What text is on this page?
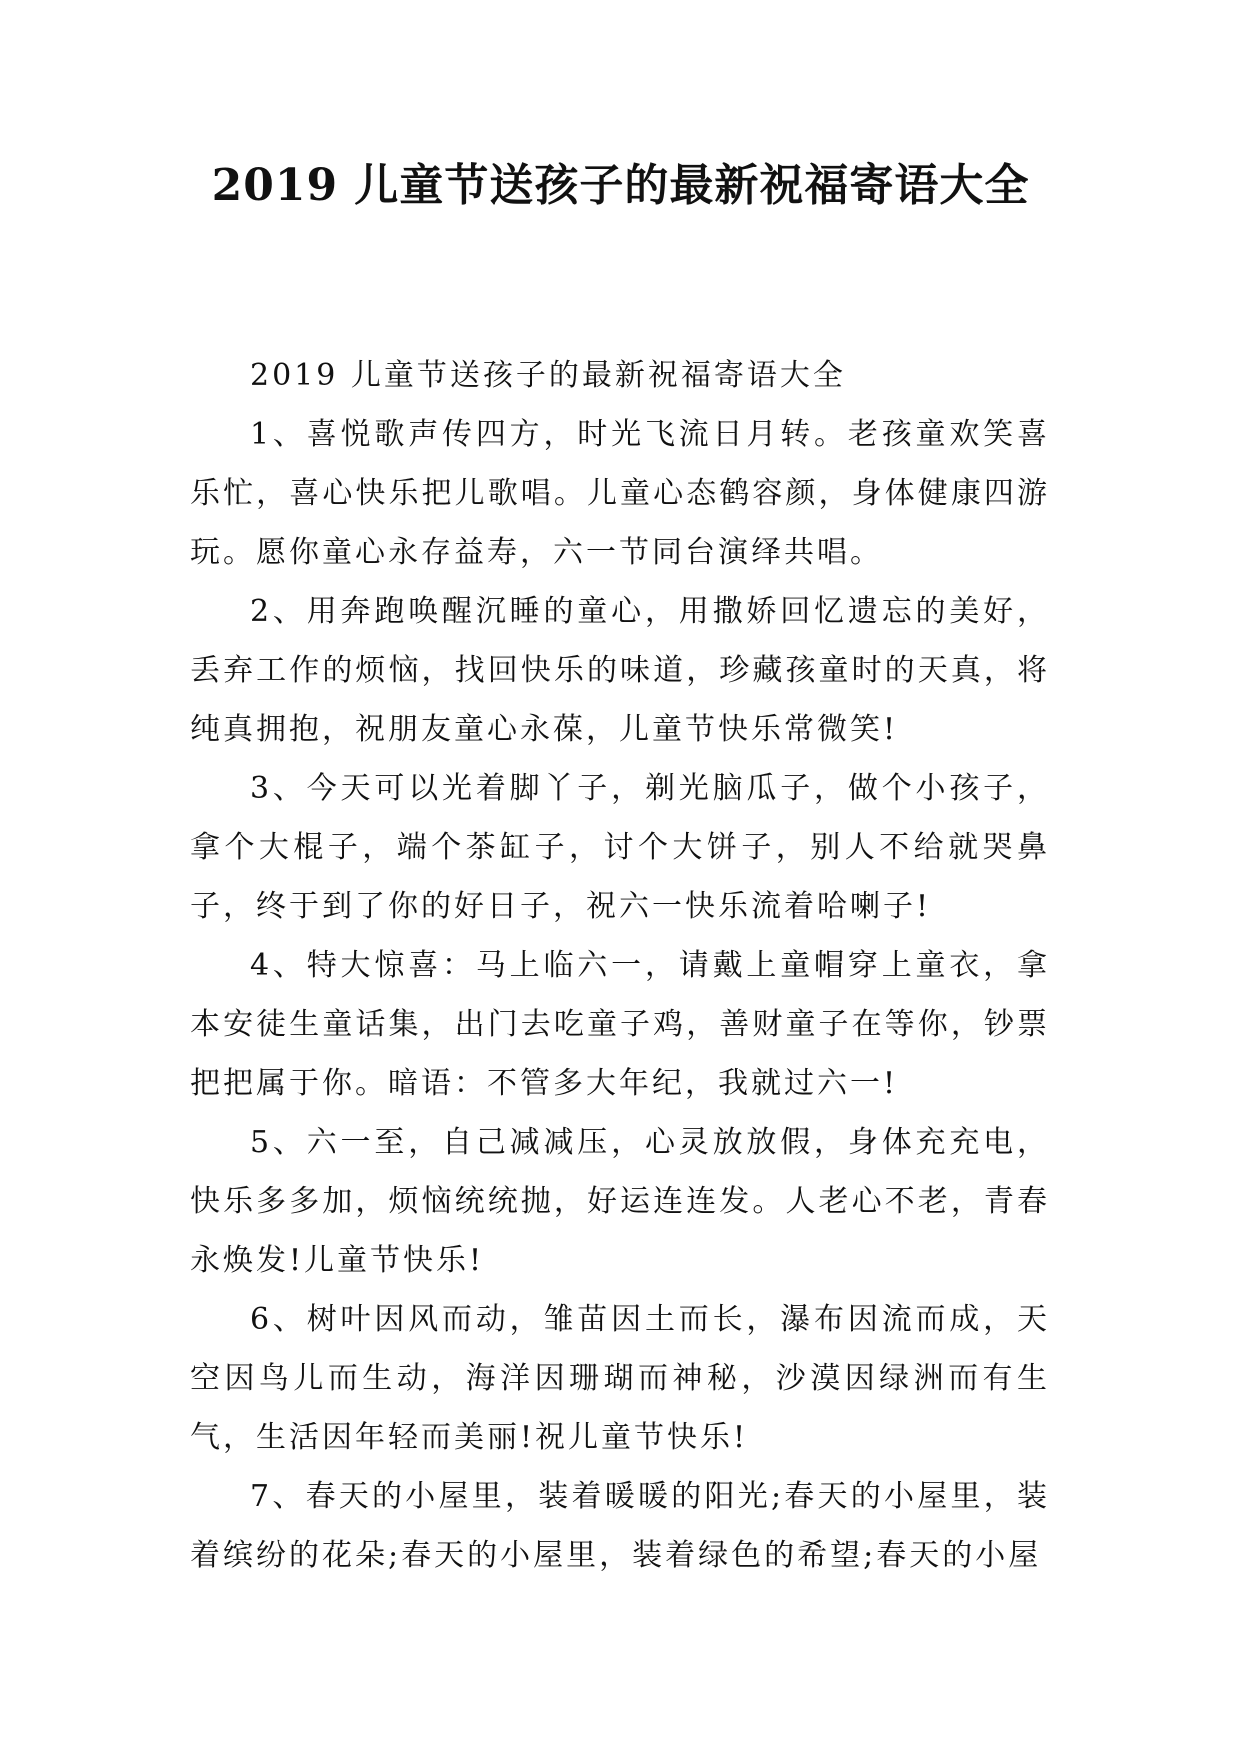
2019 儿童节送孩子的最新祝福寄语大全

2019 儿童节送孩子的最新祝福寄语大全

1、喜悦歌声传四方，时光飞流日月转。老孩童欢笑喜乐忙，喜心快乐把儿歌唱。儿童心态鹤容颜，身体健康四游玩。愿你童心永存益寿，六一节同台演绎共唱。

2、用奔跑唤醒沉睡的童心，用撒娇回忆遗忘的美好，丢弃工作的烦恼，找回快乐的味道，珍藏孩童时的天真，将纯真拥抱，祝朋友童心永葆，儿童节快乐常微笑!

3、今天可以光着脚丫子，剃光脑瓜子，做个小孩子，拿个大棍子，端个茶缸子，讨个大饼子，别人不给就哭鼻子，终于到了你的好日子，祝六一快乐流着哈喇子!

4、特大惊喜：马上临六一，请戴上童帽穿上童衣，拿本安徒生童话集，出门去吃童子鸡，善财童子在等你，钞票把把属于你。暗语：不管多大年纪，我就过六一!

5、六一至，自己减减压，心灵放放假，身体充充电，快乐多多加，烦恼统统抛，好运连连发。人老心不老，青春永焕发!儿童节快乐!

6、树叶因风而动，雏苗因土而长，瀑布因流而成，天空因鸟儿而生动，海洋因珊瑚而神秘，沙漠因绿洲而有生气，生活因年轻而美丽!祝儿童节快乐!

7、春天的小屋里，装着暖暖的阳光;春天的小屋里，装着缤纷的花朵;春天的小屋里，装着绿色的希望;春天的小屋
